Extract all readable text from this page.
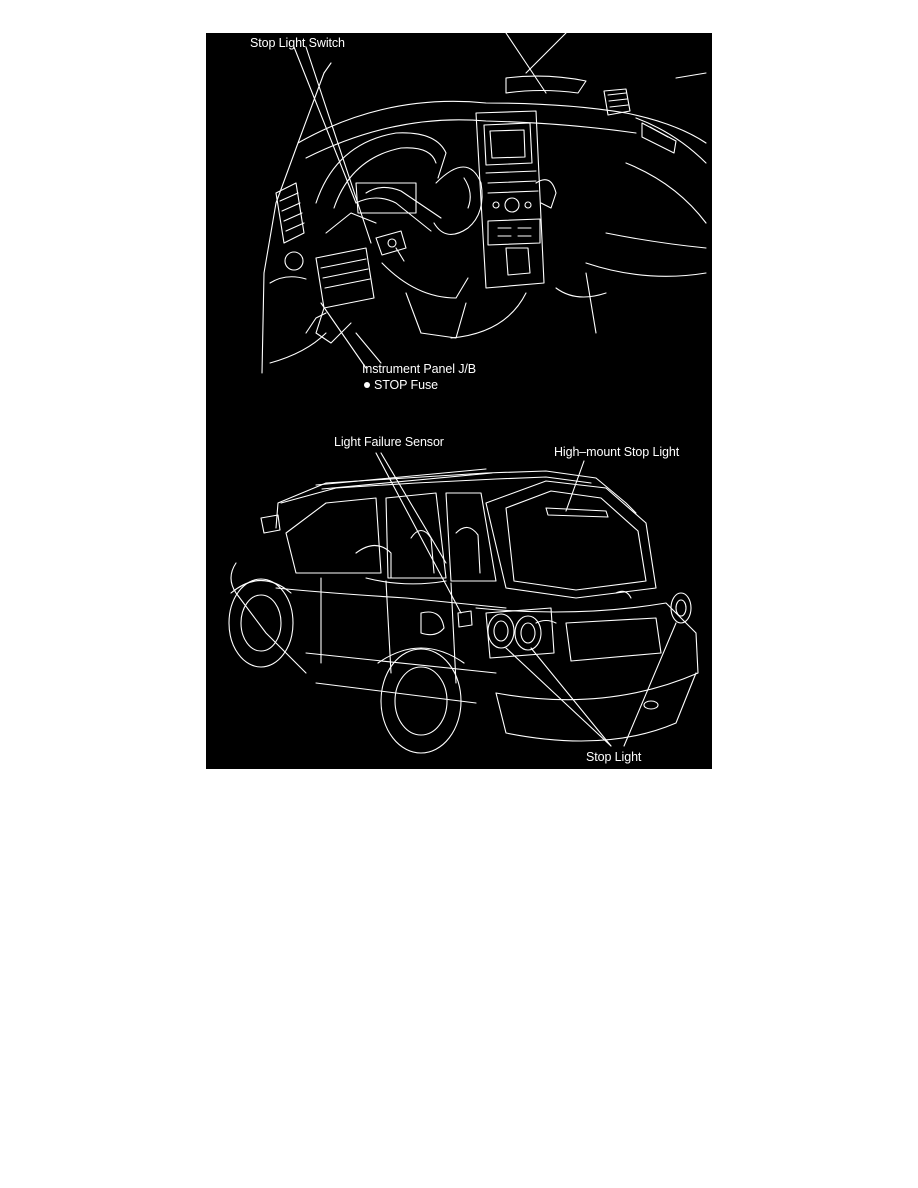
Stop Light Switch
Instrument Panel J/B
STOP Fuse
Light Failure Sensor
High–mount Stop Light
Stop Light
